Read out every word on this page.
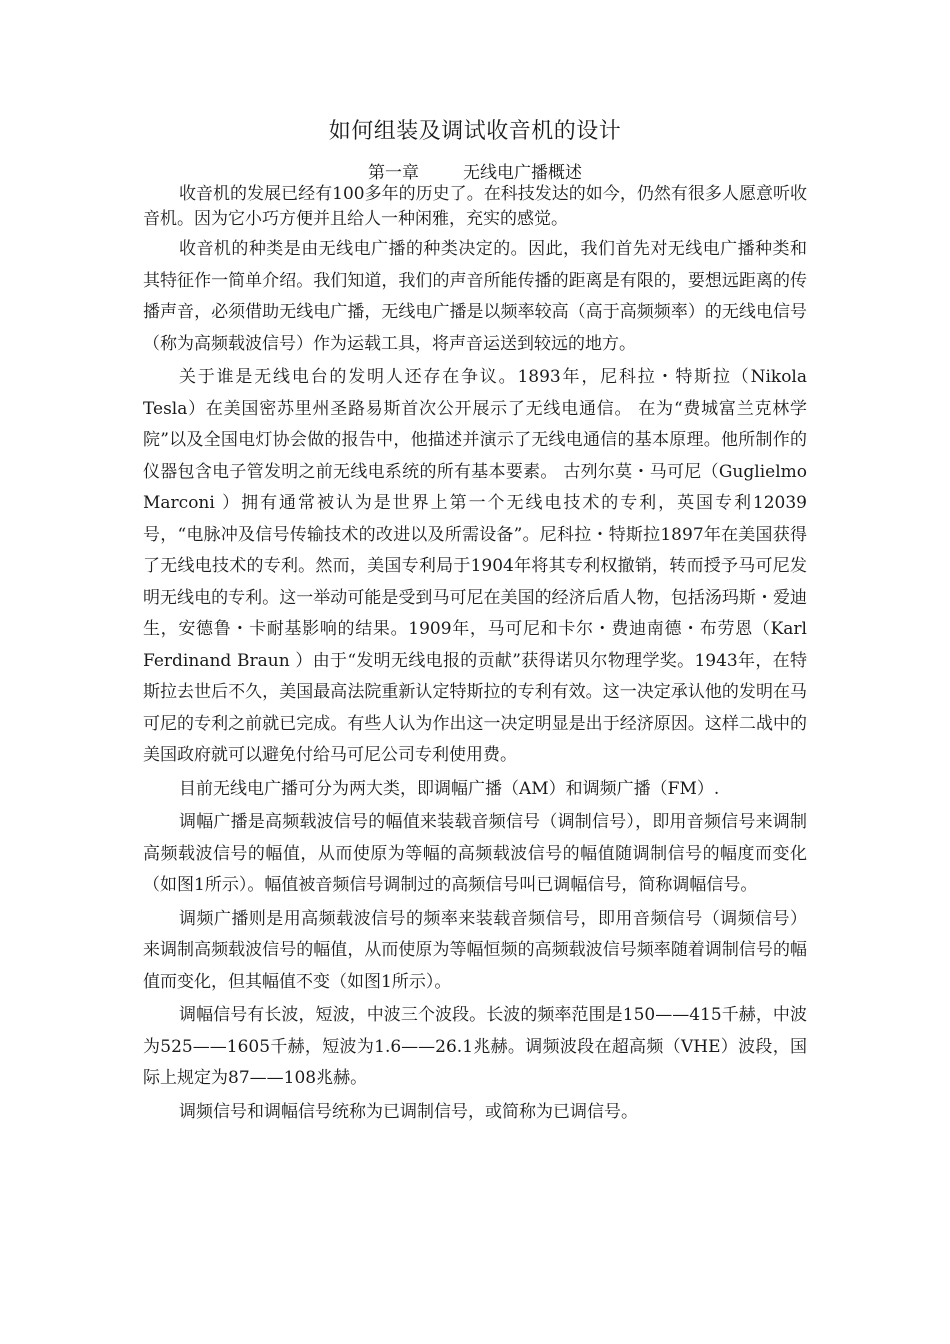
如何组装及调试收音机的设计
第一章	无线电广播概述

收音机的发展已经有100多年的历史了。在科技发达的如今，仍然有很多人愿意听收音机。因为它小巧方便并且给人一种闲雅，充实的感觉。

收音机的种类是由无线电广播的种类决定的。因此，我们首先对无线电广播种类和其特征作一简单介绍。我们知道，我们的声音所能传播的距离是有限的，要想远距离的传播声音，必须借助无线电广播，无线电广播是以频率较高（高于高频频率）的无线电信号（称为高频载波信号）作为运载工具，将声音运送到较远的地方。

关于谁是无线电台的发明人还存在争议。1893年，尼科拉・特斯拉（Nikola Tesla）在美国密苏里州圣路易斯首次公开展示了无线电通信。 在为“费城富兰克林学院”以及全国电灯协会做的报告中，他描述并演示了无线电通信的基本原理。他所制作的仪器包含电子管发明之前无线电系统的所有基本要素。 古列尔莫・马可尼（Guglielmo Marconi ）拥有通常被认为是世界上第一个无线电技术的专利，英国专利12039号，“电脉冲及信号传输技术的改进以及所需设备”。尼科拉・特斯拉1897年在美国获得了无线电技术的专利。然而，美国专利局于1904年将其专利权撤销，转而授予马可尼发明无线电的专利。这一举动可能是受到马可尼在美国的经济后盾人物，包括汤玛斯・爱迪生，安德鲁・卡耐基影响的结果。1909年，马可尼和卡尔・费迪南德・布劳恩（Karl Ferdinand Braun ）由于“发明无线电报的贡献”获得诺贝尔物理学奖。1943年，在特斯拉去世后不久，美国最高法院重新认定特斯拉的专利有效。这一决定承认他的发明在马可尼的专利之前就已完成。有些人认为作出这一决定明显是出于经济原因。这样二战中的美国政府就可以避免付给马可尼公司专利使用费。

目前无线电广播可分为两大类，即调幅广播（AM）和调频广播（FM）.

调幅广播是高频载波信号的幅值来装载音频信号（调制信号），即用音频信号来调制高频载波信号的幅值，从而使原为等幅的高频载波信号的幅值随调制信号的幅度而变化（如图1所示）。幅值被音频信号调制过的高频信号叫已调幅信号，简称调幅信号。

调频广播则是用高频载波信号的频率来装载音频信号，即用音频信号（调频信号）来调制高频载波信号的幅值，从而使原为等幅恒频的高频载波信号频率随着调制信号的幅值而变化，但其幅值不变（如图1所示）。

调幅信号有长波，短波，中波三个波段。长波的频率范围是150——415千赫，中波为525——1605千赫，短波为1.6——26.1兆赫。调频波段在超高频（VHE）波段，国际上规定为87——108兆赫。

调频信号和调幅信号统称为已调制信号，或简称为已调信号。
